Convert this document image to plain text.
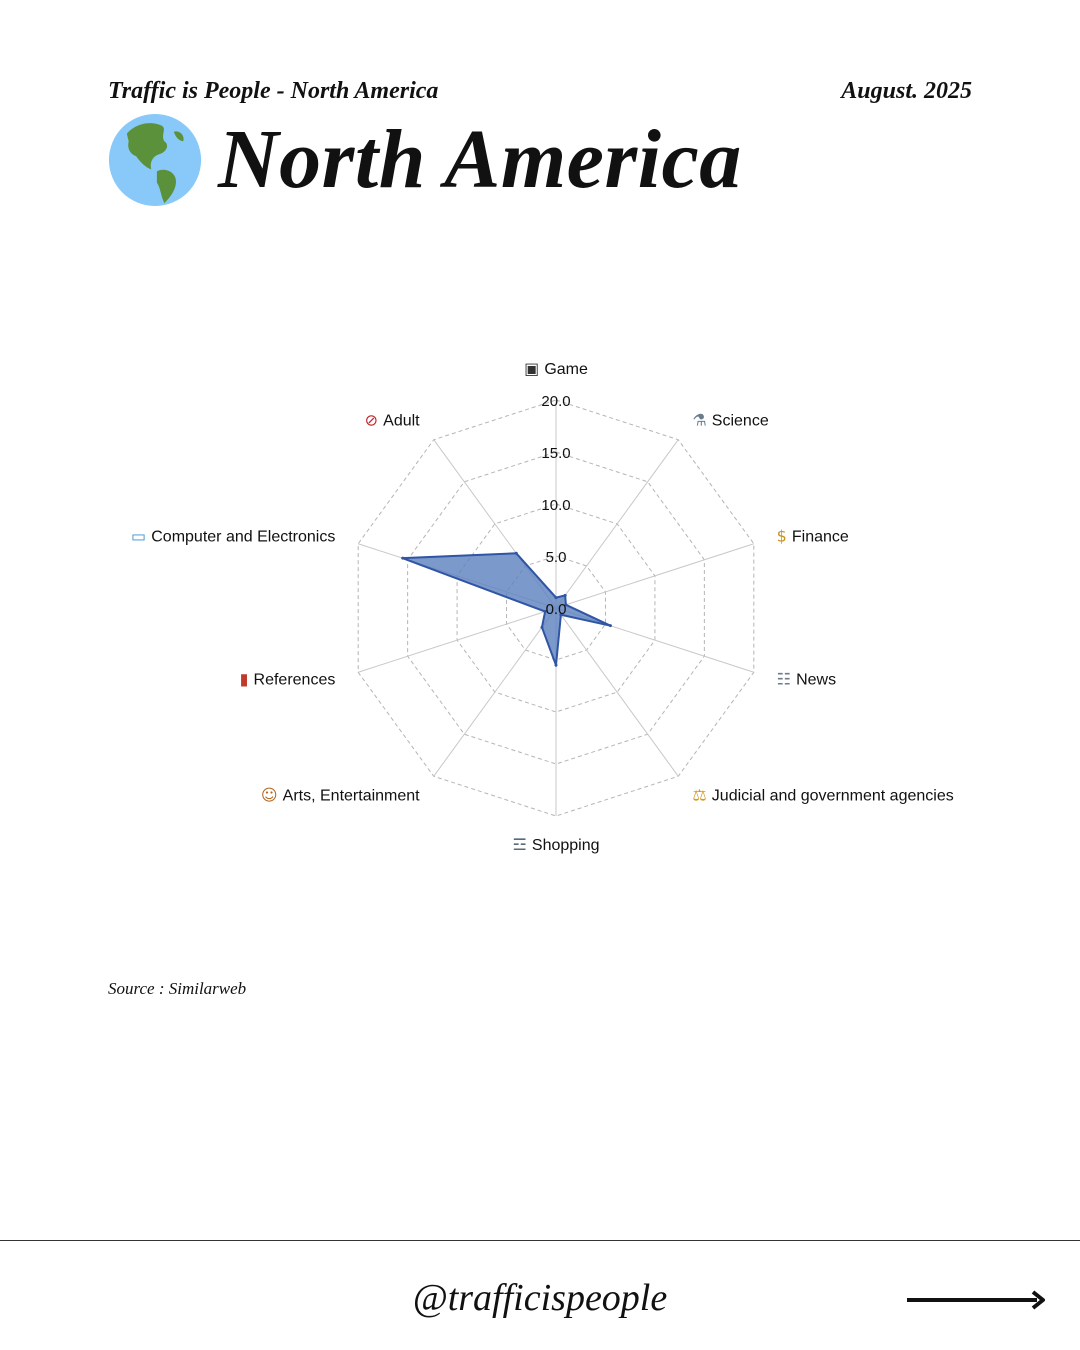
Traffic is People - North America	August. 2025
North America
0.0
5.0
10.0
15.0
20.0
▣ Game
⚗ Science
$ Finance
☷ News
⚖ Judicial and government agencies
☲ Shopping
☺ Arts, Entertainment
▮ References
▭ Computer and Electronics
⊘ Adult
Source : Similarweb
@trafficispeople
